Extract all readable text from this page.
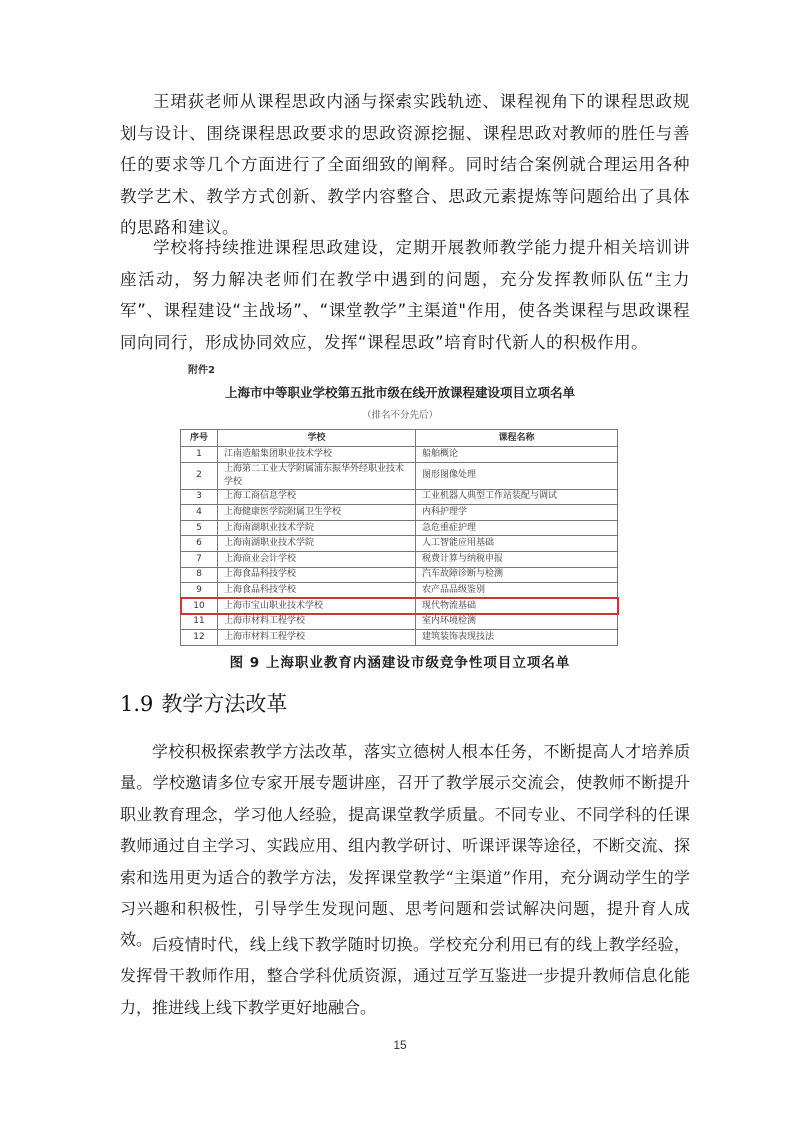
王珺荻老师从课程思政内涵与探索实践轨迹、课程视角下的课程思政规划与设计、围绕课程思政要求的思政资源挖掘、课程思政对教师的胜任与善任的要求等几个方面进行了全面细致的阐释。同时结合案例就合理运用各种教学艺术、教学方式创新、教学内容整合、思政元素提炼等问题给出了具体的思路和建议。

学校将持续推进课程思政建设，定期开展教师教学能力提升相关培训讲座活动，努力解决老师们在教学中遇到的问题，充分发挥教师队伍“主力军”、课程建设“主战场”、“课堂教学”主渠道"作用，使各类课程与思政课程同向同行，形成协同效应，发挥“课程思政”培育时代新人的积极作用。

附件2
上海市中等职业学校第五批市级在线开放课程建设项目立项名单
（排名不分先后）
序号	学校	课程名称
1	江南造船集团职业技术学校	船舶概论
2	上海第二工业大学附属浦东振华外经职业技术学校	图形图像处理
3	上海工商信息学校	工业机器人典型工作站装配与调试
4	上海健康医学院附属卫生学校	内科护理学
5	上海南湖职业技术学院	急危重症护理
6	上海南湖职业技术学院	人工智能应用基础
7	上海商业会计学校	税费计算与纳税申报
8	上海食品科技学校	汽车故障诊断与检测
9	上海食品科技学校	农产品品级鉴别
10	上海市宝山职业技术学校	现代物流基础
11	上海市材料工程学校	室内环境检测
12	上海市材料工程学校	建筑装饰表现技法
图 9 上海职业教育内涵建设市级竞争性项目立项名单
1.9 教学方法改革

学校积极探索教学方法改革，落实立德树人根本任务，不断提高人才培养质量。学校邀请多位专家开展专题讲座，召开了教学展示交流会，使教师不断提升职业教育理念，学习他人经验，提高课堂教学质量。不同专业、不同学科的任课教师通过自主学习、实践应用、组内教学研讨、听课评课等途径，不断交流、探索和选用更为适合的教学方法，发挥课堂教学“主渠道”作用，充分调动学生的学习兴趣和积极性，引导学生发现问题、思考问题和尝试解决问题，提升育人成效。 后疫情时代，线上线下教学随时切换。学校充分利用已有的线上教学经验，发挥骨干教师作用，整合学科优质资源，通过互学互鉴进一步提升教师信息化能力，推进线上线下教学更好地融合。

15
